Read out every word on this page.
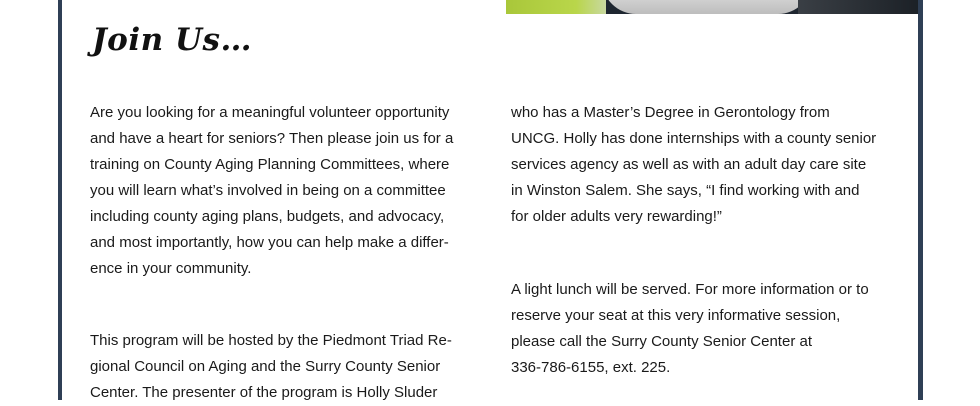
Join Us…

Are you looking for a meaningful volunteer opportunity
and have a heart for seniors? Then please join us for a
training on County Aging Planning Committees, where
you will learn what’s involved in being on a committee
including county aging plans, budgets, and advocacy,
and most importantly, how you can help make a differ-
ence in your community.

This program will be hosted by the Piedmont Triad Re-
gional Council on Aging and the Surry County Senior
Center. The presenter of the program is Holly Sluder

who has a Master’s Degree in Gerontology from
UNCG. Holly has done internships with a county senior
services agency as well as with an adult day care site
in Winston Salem. She says, “I find working with and
for older adults very rewarding!”

A light lunch will be served. For more information or to
reserve your seat at this very informative session,
please call the Surry County Senior Center at
336-786-6155, ext. 225.
